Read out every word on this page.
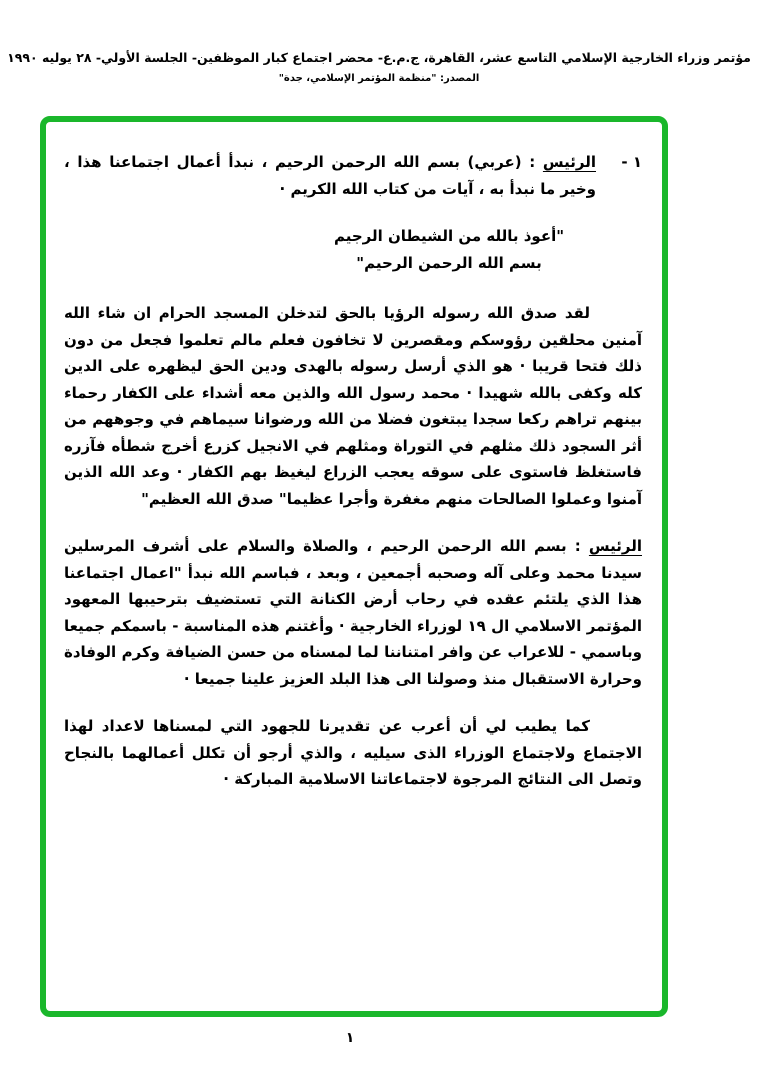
مؤتمر وزراء الخارجية الإسلامي التاسع عشر، القاهرة، ج.م.ع- محضر اجتماع كبار الموظفين- الجلسة الأولي- ٢٨ يوليه ١٩٩٠
المصدر: "منظمة المؤتمر الإسلامي، جدة"
١ -
الرئيس : (عربي) بسم الله الرحمن الرحيم ، نبدأ أعمال اجتماعنا هذا ، وخير ما نبدأ به ، آيات من كتاب الله الكريم ·
"أعوذ بالله من الشيطان الرجيم
بسم الله الرحمن الرحيم"
لقد صدق الله رسوله الرؤيا بالحق لتدخلن المسجد الحرام ان شاء الله آمنين محلقين رؤوسكم ومقصرين لا تخافون فعلم مالم تعلموا فجعل من دون ذلك فتحا قريبا · هو الذي أرسل رسوله بالهدى ودين الحق ليظهره على الدين كله وكفى بالله شهيدا · محمد رسول الله والذين معه أشداء على الكفار رحماء بينهم تراهم ركعا سجدا يبتغون فضلا من الله ورضوانا سيماهم في وجوههم من أثر السجود ذلك مثلهم في التوراة ومثلهم في الانجيل كزرع أخرج شطأه فآزره فاستغلظ فاستوى على سوقه يعجب الزراع ليغيظ بهم الكفار · وعد الله الذين آمنوا وعملوا الصالحات منهم مغفرة وأجرا عظيما" صدق الله العظيم"
الرئيس : بسم الله الرحمن الرحيم ، والصلاة والسلام على أشرف المرسلين سيدنا محمد وعلى آله وصحبه أجمعين ، وبعد ، فباسم الله نبدأ "اعمال اجتماعنا هذا الذي يلتئم عقده في رحاب أرض الكنانة التي تستضيف بترحيبها المعهود المؤتمر الاسلامي ال ١٩ لوزراء الخارجية · وأغتنم هذه المناسبة - باسمكم جميعا وباسمي - للاعراب عن وافر امتناننا لما لمسناه من حسن الضيافة وكرم الوفادة وحرارة الاستقبال منذ وصولنا الى هذا البلد العزيز علينا جميعا ·
كما يطيب لي أن أعرب عن تقديرنا للجهود التي لمسناها لاعداد لهذا الاجتماع ولاجتماع الوزراء الذى سيليه ، والذي أرجو أن تكلل أعمالهما بالنجاح وتصل الى النتائج المرجوة لاجتماعاتنا الاسلامية المباركة ·
١
